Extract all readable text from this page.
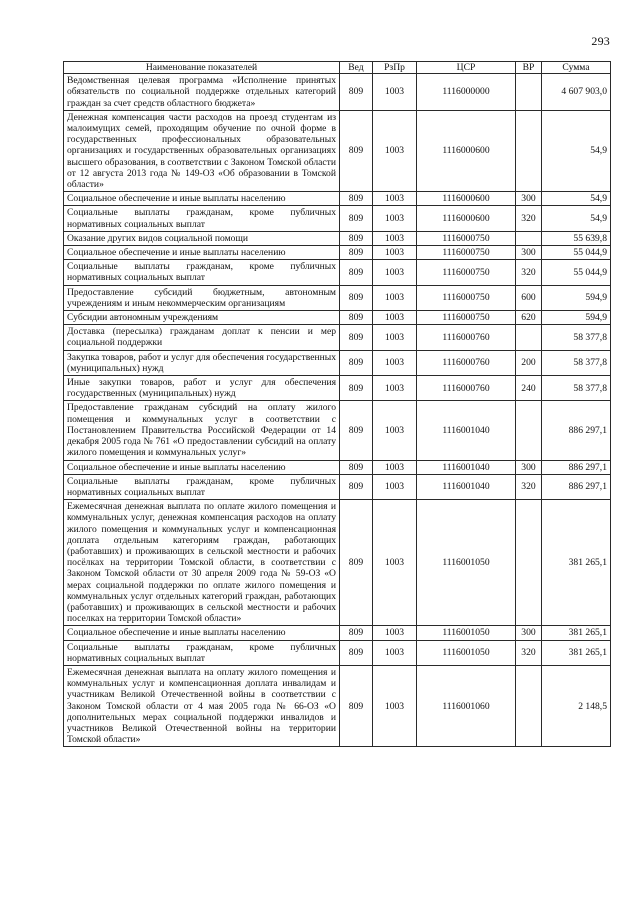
293
Наименование показателей	Вед	РзПр	ЦСР	ВР	Сумма
Ведомственная целевая программа «Исполнение принятых обязательств по социальной поддержке отдельных категорий граждан за счет средств областного бюджета»	809	1003	1116000000		4 607 903,0
Денежная компенсация части расходов на проезд студентам из малоимущих семей, проходящим обучение по очной форме в государственных профессиональных образовательных организациях и государственных образовательных организациях высшего образования, в соответствии с Законом Томской области от 12 августа 2013 года № 149-ОЗ «Об образовании в Томской области»	809	1003	1116000600		54,9
Социальное обеспечение и иные выплаты населению	809	1003	1116000600	300	54,9
Социальные выплаты гражданам, кроме публичных нормативных социальных выплат	809	1003	1116000600	320	54,9
Оказание других видов социальной помощи	809	1003	1116000750		55 639,8
Социальное обеспечение и иные выплаты населению	809	1003	1116000750	300	55 044,9
Социальные выплаты гражданам, кроме публичных нормативных социальных выплат	809	1003	1116000750	320	55 044,9
Предоставление субсидий бюджетным, автономным учреждениям и иным некоммерческим организациям	809	1003	1116000750	600	594,9
Субсидии автономным учреждениям	809	1003	1116000750	620	594,9
Доставка (пересылка) гражданам доплат к пенсии и мер социальной поддержки	809	1003	1116000760		58 377,8
Закупка товаров, работ и услуг для обеспечения государственных (муниципальных) нужд	809	1003	1116000760	200	58 377,8
Иные закупки товаров, работ и услуг для обеспечения государственных (муниципальных) нужд	809	1003	1116000760	240	58 377,8
Предоставление гражданам субсидий на оплату жилого помещения и коммунальных услуг в соответствии с Постановлением Правительства Российской Федерации от 14 декабря 2005 года № 761 «О предоставлении субсидий на оплату жилого помещения и коммунальных услуг»	809	1003	1116001040		886 297,1
Социальное обеспечение и иные выплаты населению	809	1003	1116001040	300	886 297,1
Социальные выплаты гражданам, кроме публичных нормативных социальных выплат	809	1003	1116001040	320	886 297,1
Ежемесячная денежная выплата по оплате жилого помещения и коммунальных услуг, денежная компенсация расходов на оплату жилого помещения и коммунальных услуг и компенсационная доплата отдельным категориям граждан, работающих (работавших) и проживающих в сельской местности и рабочих посёлках на территории Томской области, в соответствии с Законом Томской области от 30 апреля 2009 года № 59-ОЗ «О мерах социальной поддержки по оплате жилого помещения и коммунальных услуг отдельных категорий граждан, работающих (работавших) и проживающих в сельской местности и рабочих поселках на территории Томской области»	809	1003	1116001050		381 265,1
Социальное обеспечение и иные выплаты населению	809	1003	1116001050	300	381 265,1
Социальные выплаты гражданам, кроме публичных нормативных социальных выплат	809	1003	1116001050	320	381 265,1
Ежемесячная денежная выплата на оплату жилого помещения и коммунальных услуг и компенсационная доплата инвалидам и участникам Великой Отечественной войны в соответствии с Законом Томской области от 4 мая 2005 года № 66-ОЗ «О дополнительных мерах социальной поддержки инвалидов и участников Великой Отечественной войны на территории Томской области»	809	1003	1116001060		2 148,5
